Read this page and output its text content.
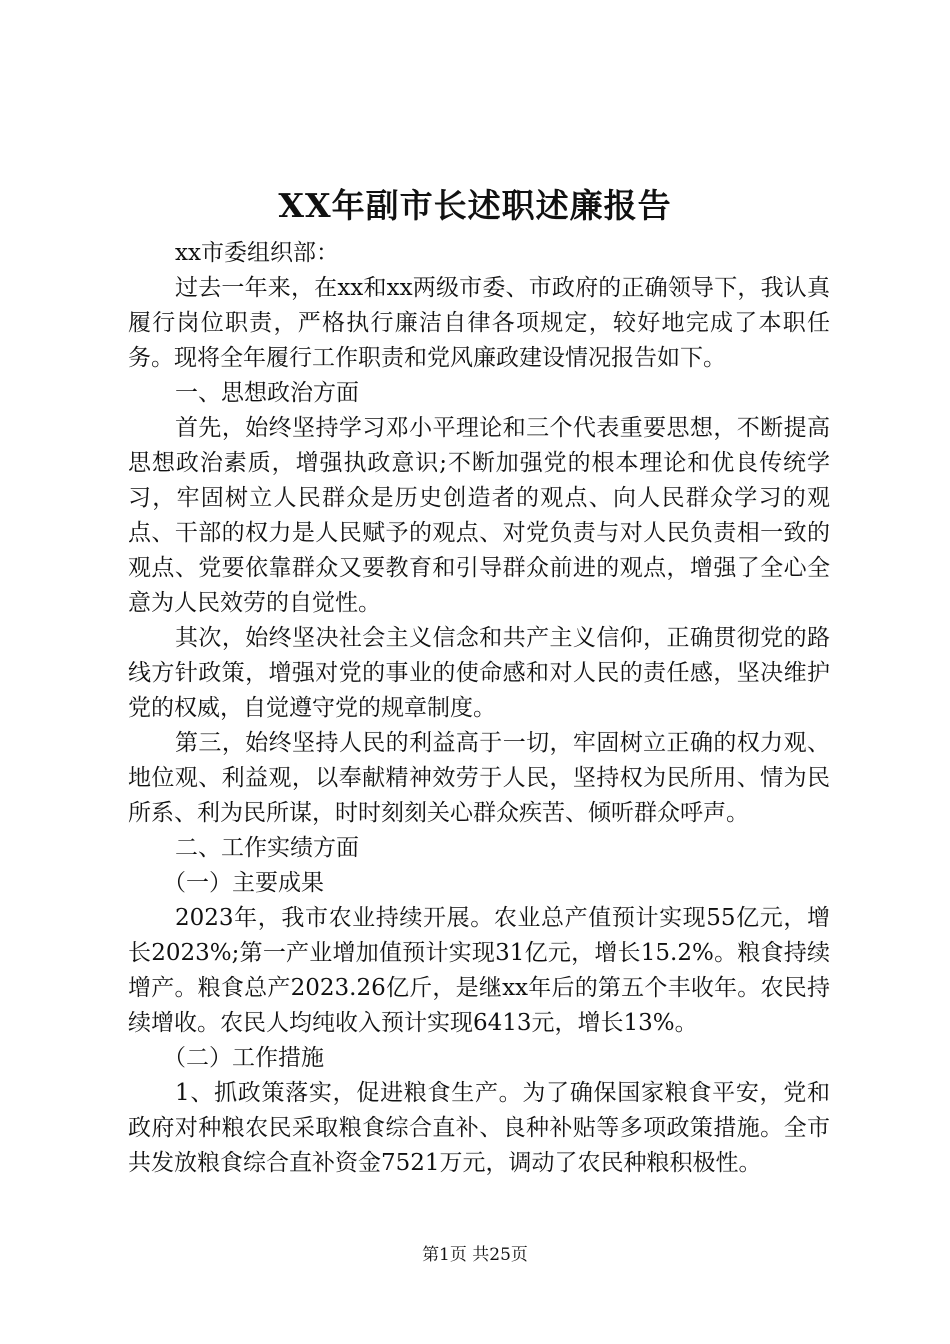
XX年副市长述职述廉报告

xx市委组织部：

过去一年来，在xx和xx两级市委、市政府的正确领导下，我认真履行岗位职责，严格执行廉洁自律各项规定，较好地完成了本职任务。现将全年履行工作职责和党风廉政建设情况报告如下。

一、思想政治方面

首先，始终坚持学习邓小平理论和三个代表重要思想，不断提高思想政治素质，增强执政意识;不断加强党的根本理论和优良传统学习，牢固树立人民群众是历史创造者的观点、向人民群众学习的观点、干部的权力是人民赋予的观点、对党负责与对人民负责相一致的观点、党要依靠群众又要教育和引导群众前进的观点，增强了全心全意为人民效劳的自觉性。

其次，始终坚决社会主义信念和共产主义信仰，正确贯彻党的路线方针政策，增强对党的事业的使命感和对人民的责任感，坚决维护党的权威，自觉遵守党的规章制度。

第三，始终坚持人民的利益高于一切，牢固树立正确的权力观、地位观、利益观，以奉献精神效劳于人民，坚持权为民所用、情为民所系、利为民所谋，时时刻刻关心群众疾苦、倾听群众呼声。

二、工作实绩方面

（一）主要成果

2023年，我市农业持续开展。农业总产值预计实现55亿元，增长2023%;第一产业增加值预计实现31亿元，增长15.2%。粮食持续增产。粮食总产2023.26亿斤，是继xx年后的第五个丰收年。农民持续增收。农民人均纯收入预计实现6413元，增长13%。

（二）工作措施

1、抓政策落实，促进粮食生产。为了确保国家粮食平安，党和政府对种粮农民采取粮食综合直补、良种补贴等多项政策措施。全市共发放粮食综合直补资金7521万元，调动了农民种粮积极性。

第1页 共25页
